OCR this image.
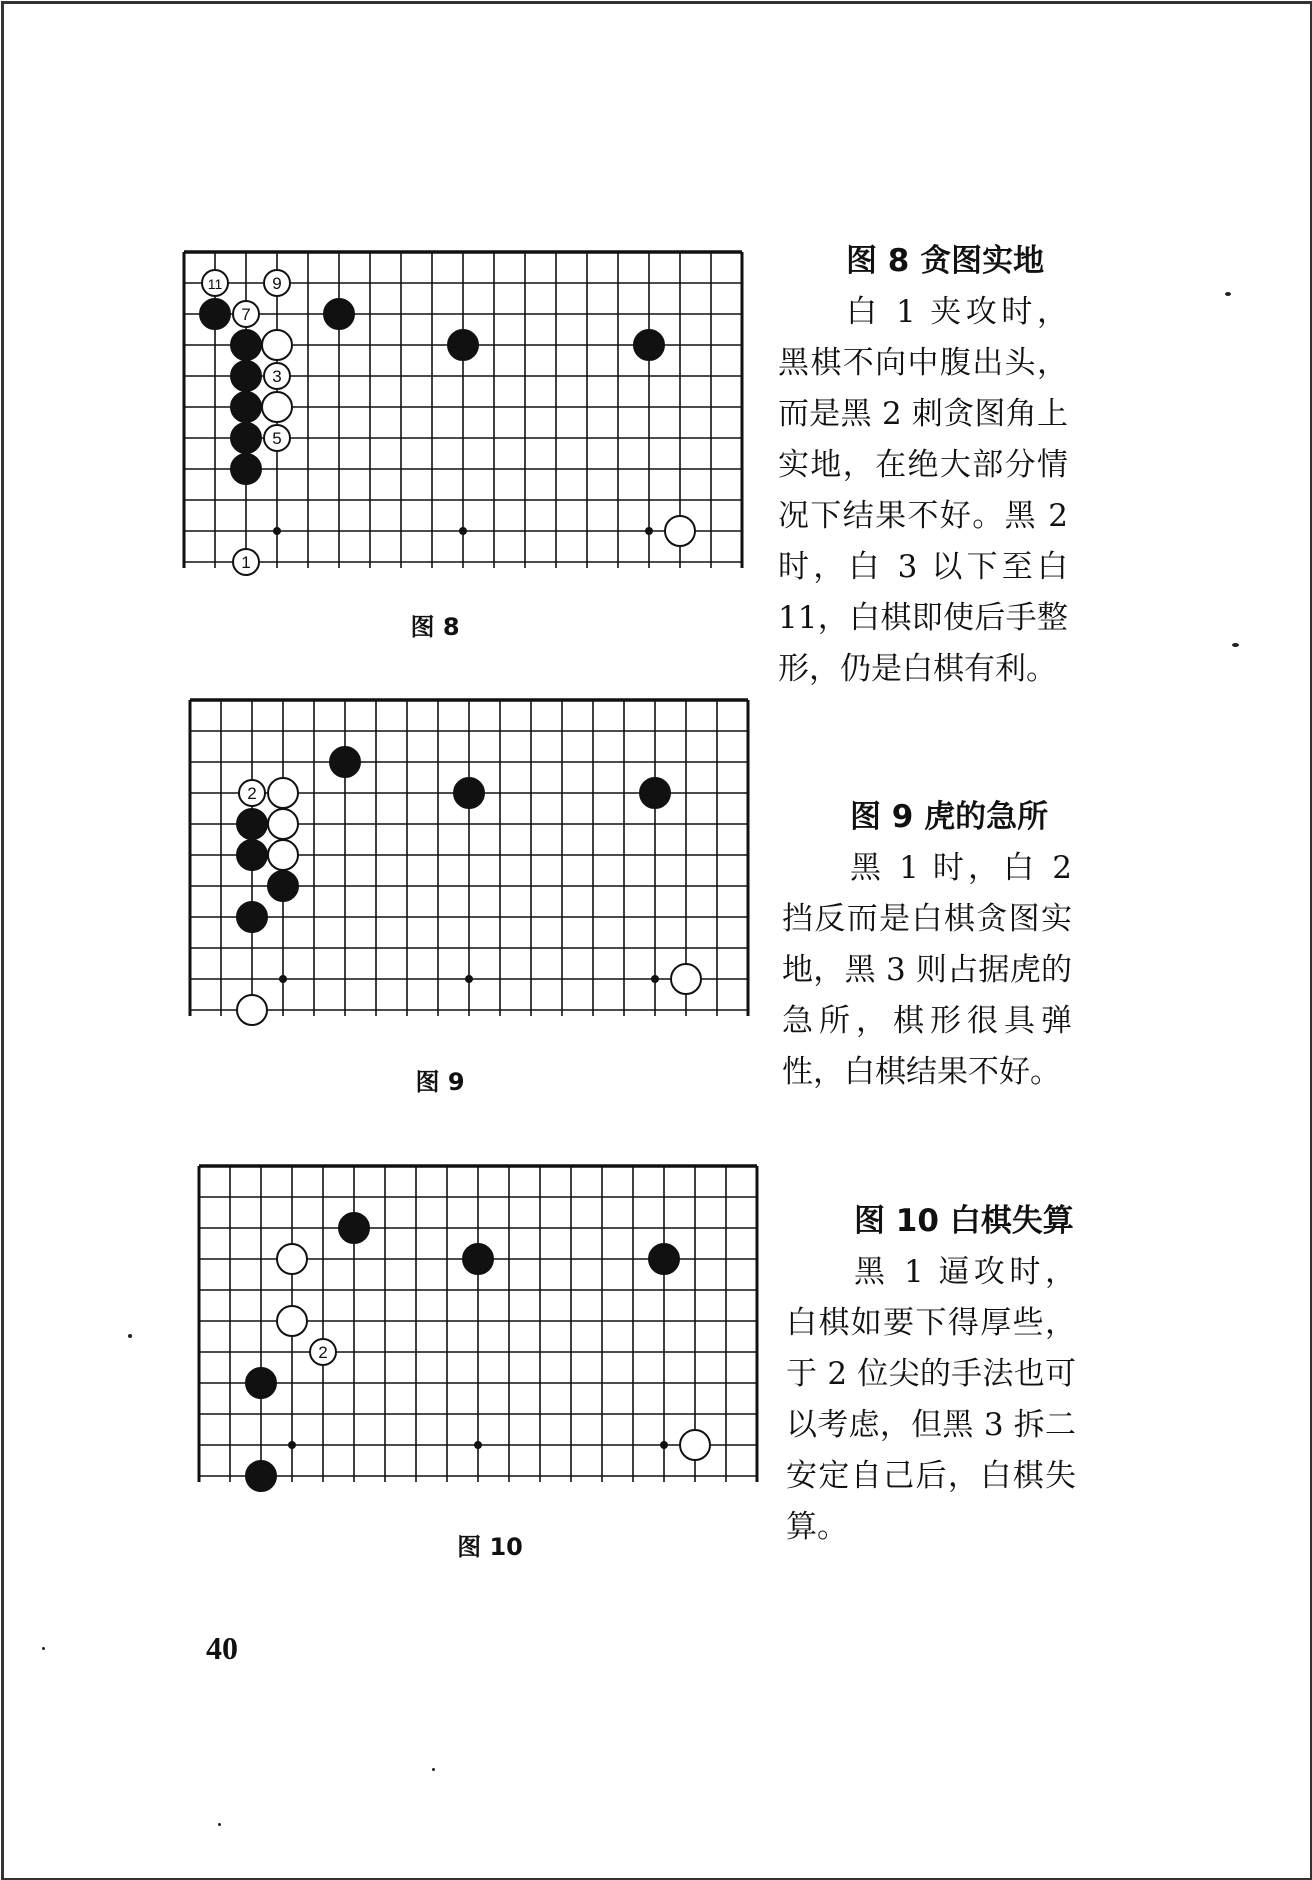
11	9
7
3
5
1
图 8
2
图 9
2
图 10
图 8 贪图实地
白 1 夹攻时，黑棋不向中腹出头，而是黑 2 刺贪图角上实地，在绝大部分情况下结果不好。黑 2 时，白 3 以下至白 11，白棋即使后手整形，仍是白棋有利。
图 9 虎的急所
黑 1 时，白 2 挡反而是白棋贪图实地，黑 3 则占据虎的急所，棋形很具弹性，白棋结果不好。
图 10 白棋失算
黑 1 逼攻时，白棋如要下得厚些，于 2 位尖的手法也可以考虑，但黑 3 拆二安定自己后，白棋失算。
40
